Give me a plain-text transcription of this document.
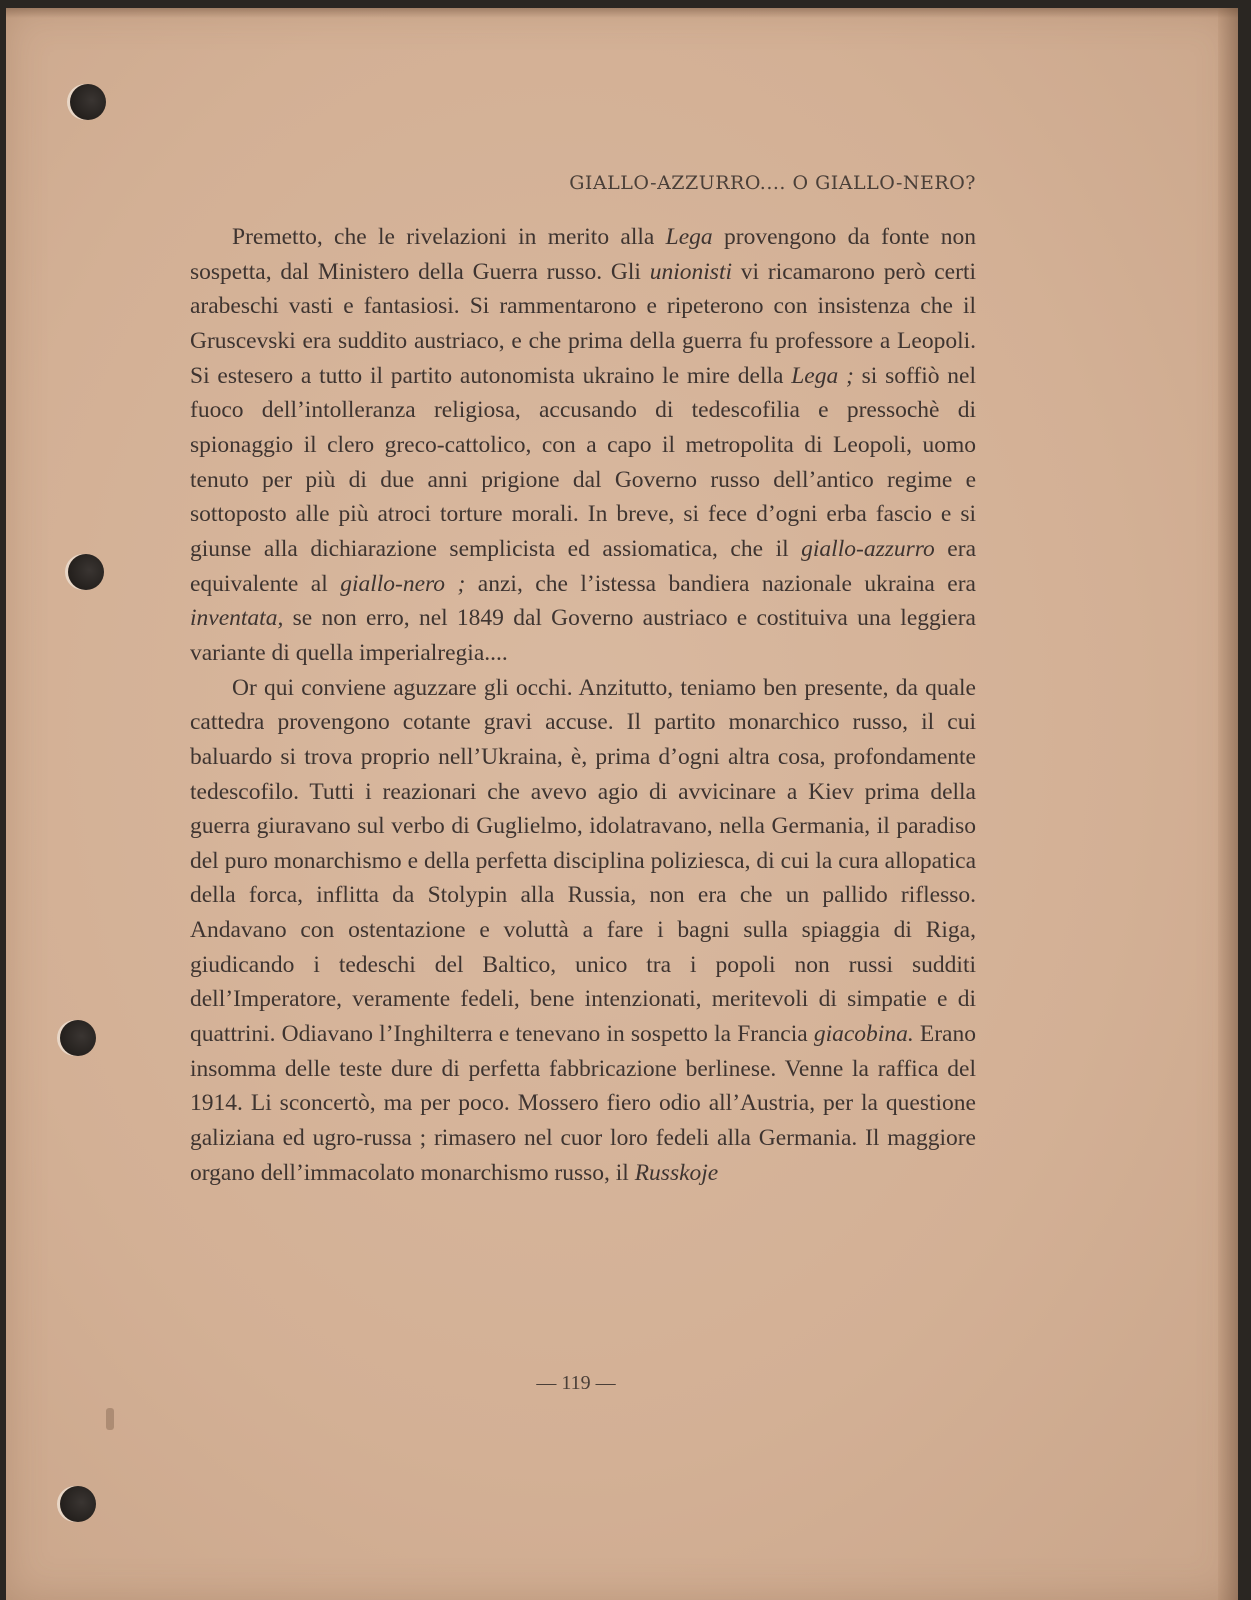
GIALLO-AZZURRO.... O GIALLO-NERO?

Premetto, che le rivelazioni in merito alla Lega provengono da fonte non sospetta, dal Ministero della Guerra russo. Gli unionisti vi ricamarono però certi arabeschi vasti e fantasiosi. Si rammentarono e ripeterono con insistenza che il Gruscevski era suddito austriaco, e che prima della guerra fu professore a Leopoli. Si estesero a tutto il partito autonomista ukraino le mire della Lega ; si soffiò nel fuoco dell’intolleranza religiosa, accusando di tedescofilia e pressochè di spionaggio il clero greco-cattolico, con a capo il metropolita di Leopoli, uomo tenuto per più di due anni prigione dal Governo russo dell’antico regime e sottoposto alle più atroci torture morali. In breve, si fece d’ogni erba fascio e si giunse alla dichiarazione semplicista ed assiomatica, che il giallo-azzurro era equivalente al giallo-nero ; anzi, che l’istessa bandiera nazionale ukraina era inventata, se non erro, nel 1849 dal Governo austriaco e costituiva una leggiera variante di quella imperialregia....

Or qui conviene aguzzare gli occhi. Anzitutto, teniamo ben presente, da quale cattedra provengono cotante gravi accuse. Il partito monarchico russo, il cui baluardo si trova proprio nell’Ukraina, è, prima d’ogni altra cosa, profondamente tedescofilo. Tutti i reazionari che avevo agio di avvicinare a Kiev prima della guerra giuravano sul verbo di Guglielmo, idolatravano, nella Germania, il paradiso del puro monarchismo e della perfetta disciplina poliziesca, di cui la cura allopatica della forca, inflitta da Stolypin alla Russia, non era che un pallido riflesso. Andavano con ostentazione e voluttà a fare i bagni sulla spiaggia di Riga, giudicando i tedeschi del Baltico, unico tra i popoli non russi sudditi dell’Imperatore, veramente fedeli, bene intenzionati, meritevoli di simpatie e di quattrini. Odiavano l’Inghilterra e tenevano in sospetto la Francia giacobina. Erano insomma delle teste dure di perfetta fabbricazione berlinese. Venne la raffica del 1914. Li sconcertò, ma per poco. Mossero fiero odio all’Austria, per la questione galiziana ed ugro-russa ; rimasero nel cuor loro fedeli alla Germania. Il maggiore organo dell’immacolato monarchismo russo, il Russkoje

— 119 —
